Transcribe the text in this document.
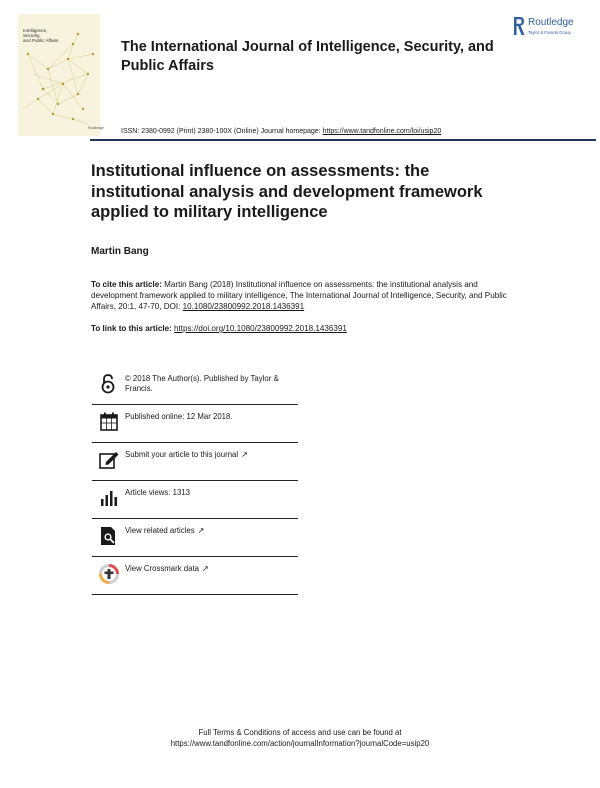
Intelligence,
Security,
and Public Affairs
Routledge
The International Journal of Intelligence, Security, and Public Affairs
Routledge
Taylor & Francis Group
ISSN: 2380-0992 (Print) 2380-100X (Online) Journal homepage: https://www.tandfonline.com/loi/usip20
Institutional influence on assessments: the institutional analysis and development framework applied to military intelligence
Martin Bang
To cite this article: Martin Bang (2018) Institutional influence on assessments: the institutional analysis and development framework applied to military intelligence, The International Journal of Intelligence, Security, and Public Affairs, 20:1, 47-70, DOI: 10.1080/23800992.2018.1436391
To link to this article: https://doi.org/10.1080/23800992.2018.1436391
© 2018 The Author(s). Published by Taylor & Francis.
Published online: 12 Mar 2018.
Submit your article to this journal ↗
Article views: 1313
View related articles ↗
View Crossmark data ↗
Full Terms & Conditions of access and use can be found at
https://www.tandfonline.com/action/journalInformation?journalCode=usip20
